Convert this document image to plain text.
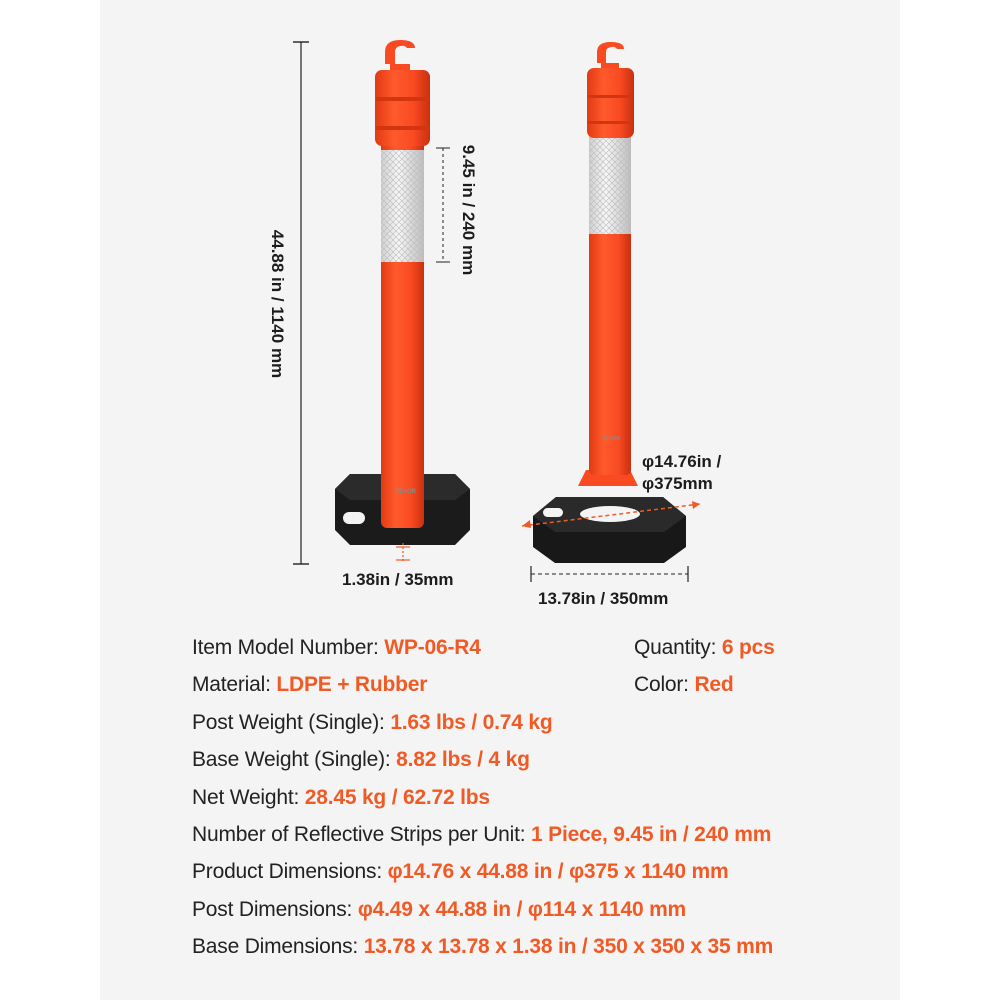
VEVOR
VEVOR
44.88 in / 1140 mm
9.45 in / 240 mm
1.38in / 35mm
φ14.76in /
φ375mm
13.78in / 350mm
Item Model Number: WP-06-R4	Quantity: 6 pcs
Material: LDPE + Rubber	Color: Red
Post Weight (Single): 1.63 lbs / 0.74 kg
Base Weight (Single): 8.82 lbs / 4 kg
Net Weight: 28.45 kg / 62.72 lbs
Number of Reflective Strips per Unit: 1 Piece, 9.45 in / 240 mm
Product Dimensions: φ14.76 x 44.88 in / φ375 x 1140 mm
Post Dimensions: φ4.49 x 44.88 in / φ114 x 1140 mm
Base Dimensions: 13.78 x 13.78 x 1.38 in / 350 x 350 x 35 mm
